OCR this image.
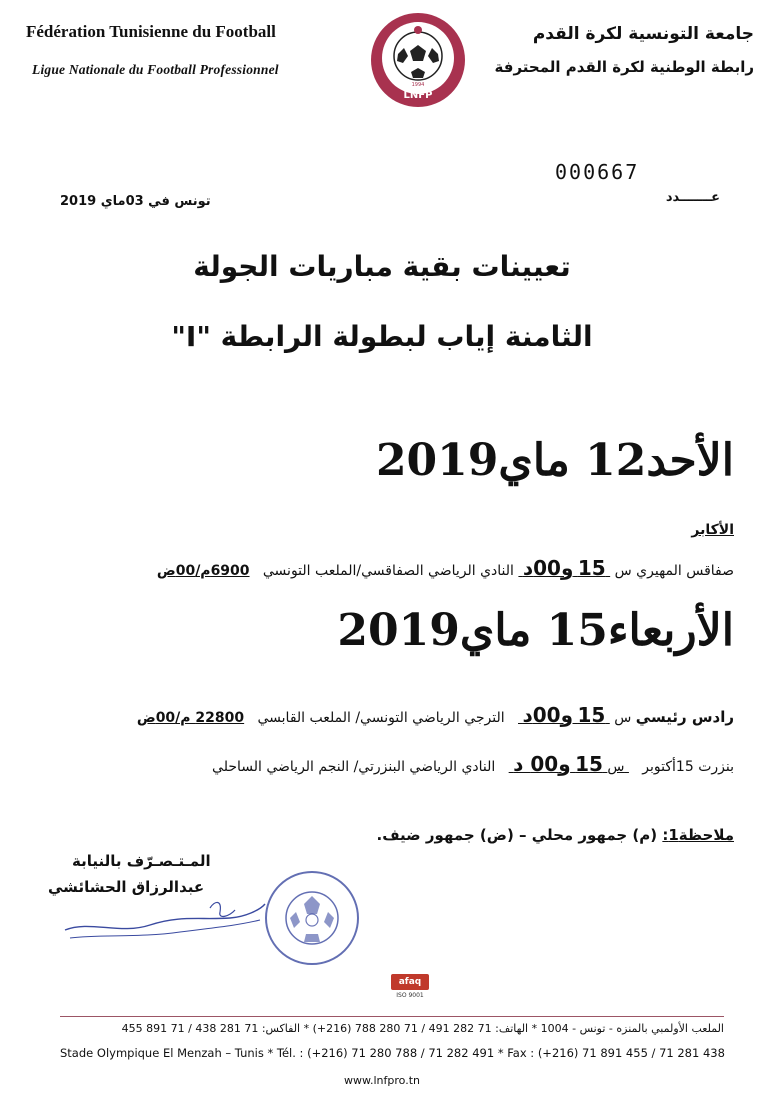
Fédération Tunisienne du Football
Ligue Nationale du Football Professionnel
جامعة التونسية لكرة القدم
رابطة الوطنية لكرة القدم المحترفة
LNFP
1994
000667
تونس في 03ماي 2019	عـــــــدد
تعيينات بقية مباريات الجولة
الثامنة إياب لبطولة الرابطة "I"
الأحد12 ماي2019
الأكابر
صفاقس المهيري س  15 و00د  النادي الرياضي الصفاقسي/الملعب التونسي   6900م/00ض
الأربعاء15 ماي2019
رادس رئيسي س  15 و00د    الترجي الرياضي التونسي/ الملعب القابسي   22800 م/00ض
بنزرت 15أكتوبر    س 15 و00 د    النادي الرياضي البنزرتي/ النجم الرياضي الساحلي
ملاحظة1: (م) جمهور محلي – (ض) جمهور ضيف.
المـتـصـرّف بالنيابة
عبدالرزاق الحشائشي
afaq
ISO 9001
الملعب الأولمبي بالمنزه - تونس - 1004 * الهاتف: 71 282 491 / 71 280 788 (216+) * الفاكس: 71 281 438 / 71 891 455
Stade Olympique El Menzah – Tunis * Tél. : (+216) 71 280 788 / 71 282 491 * Fax : (+216) 71 891 455 / 71 281 438
www.lnfpro.tn
